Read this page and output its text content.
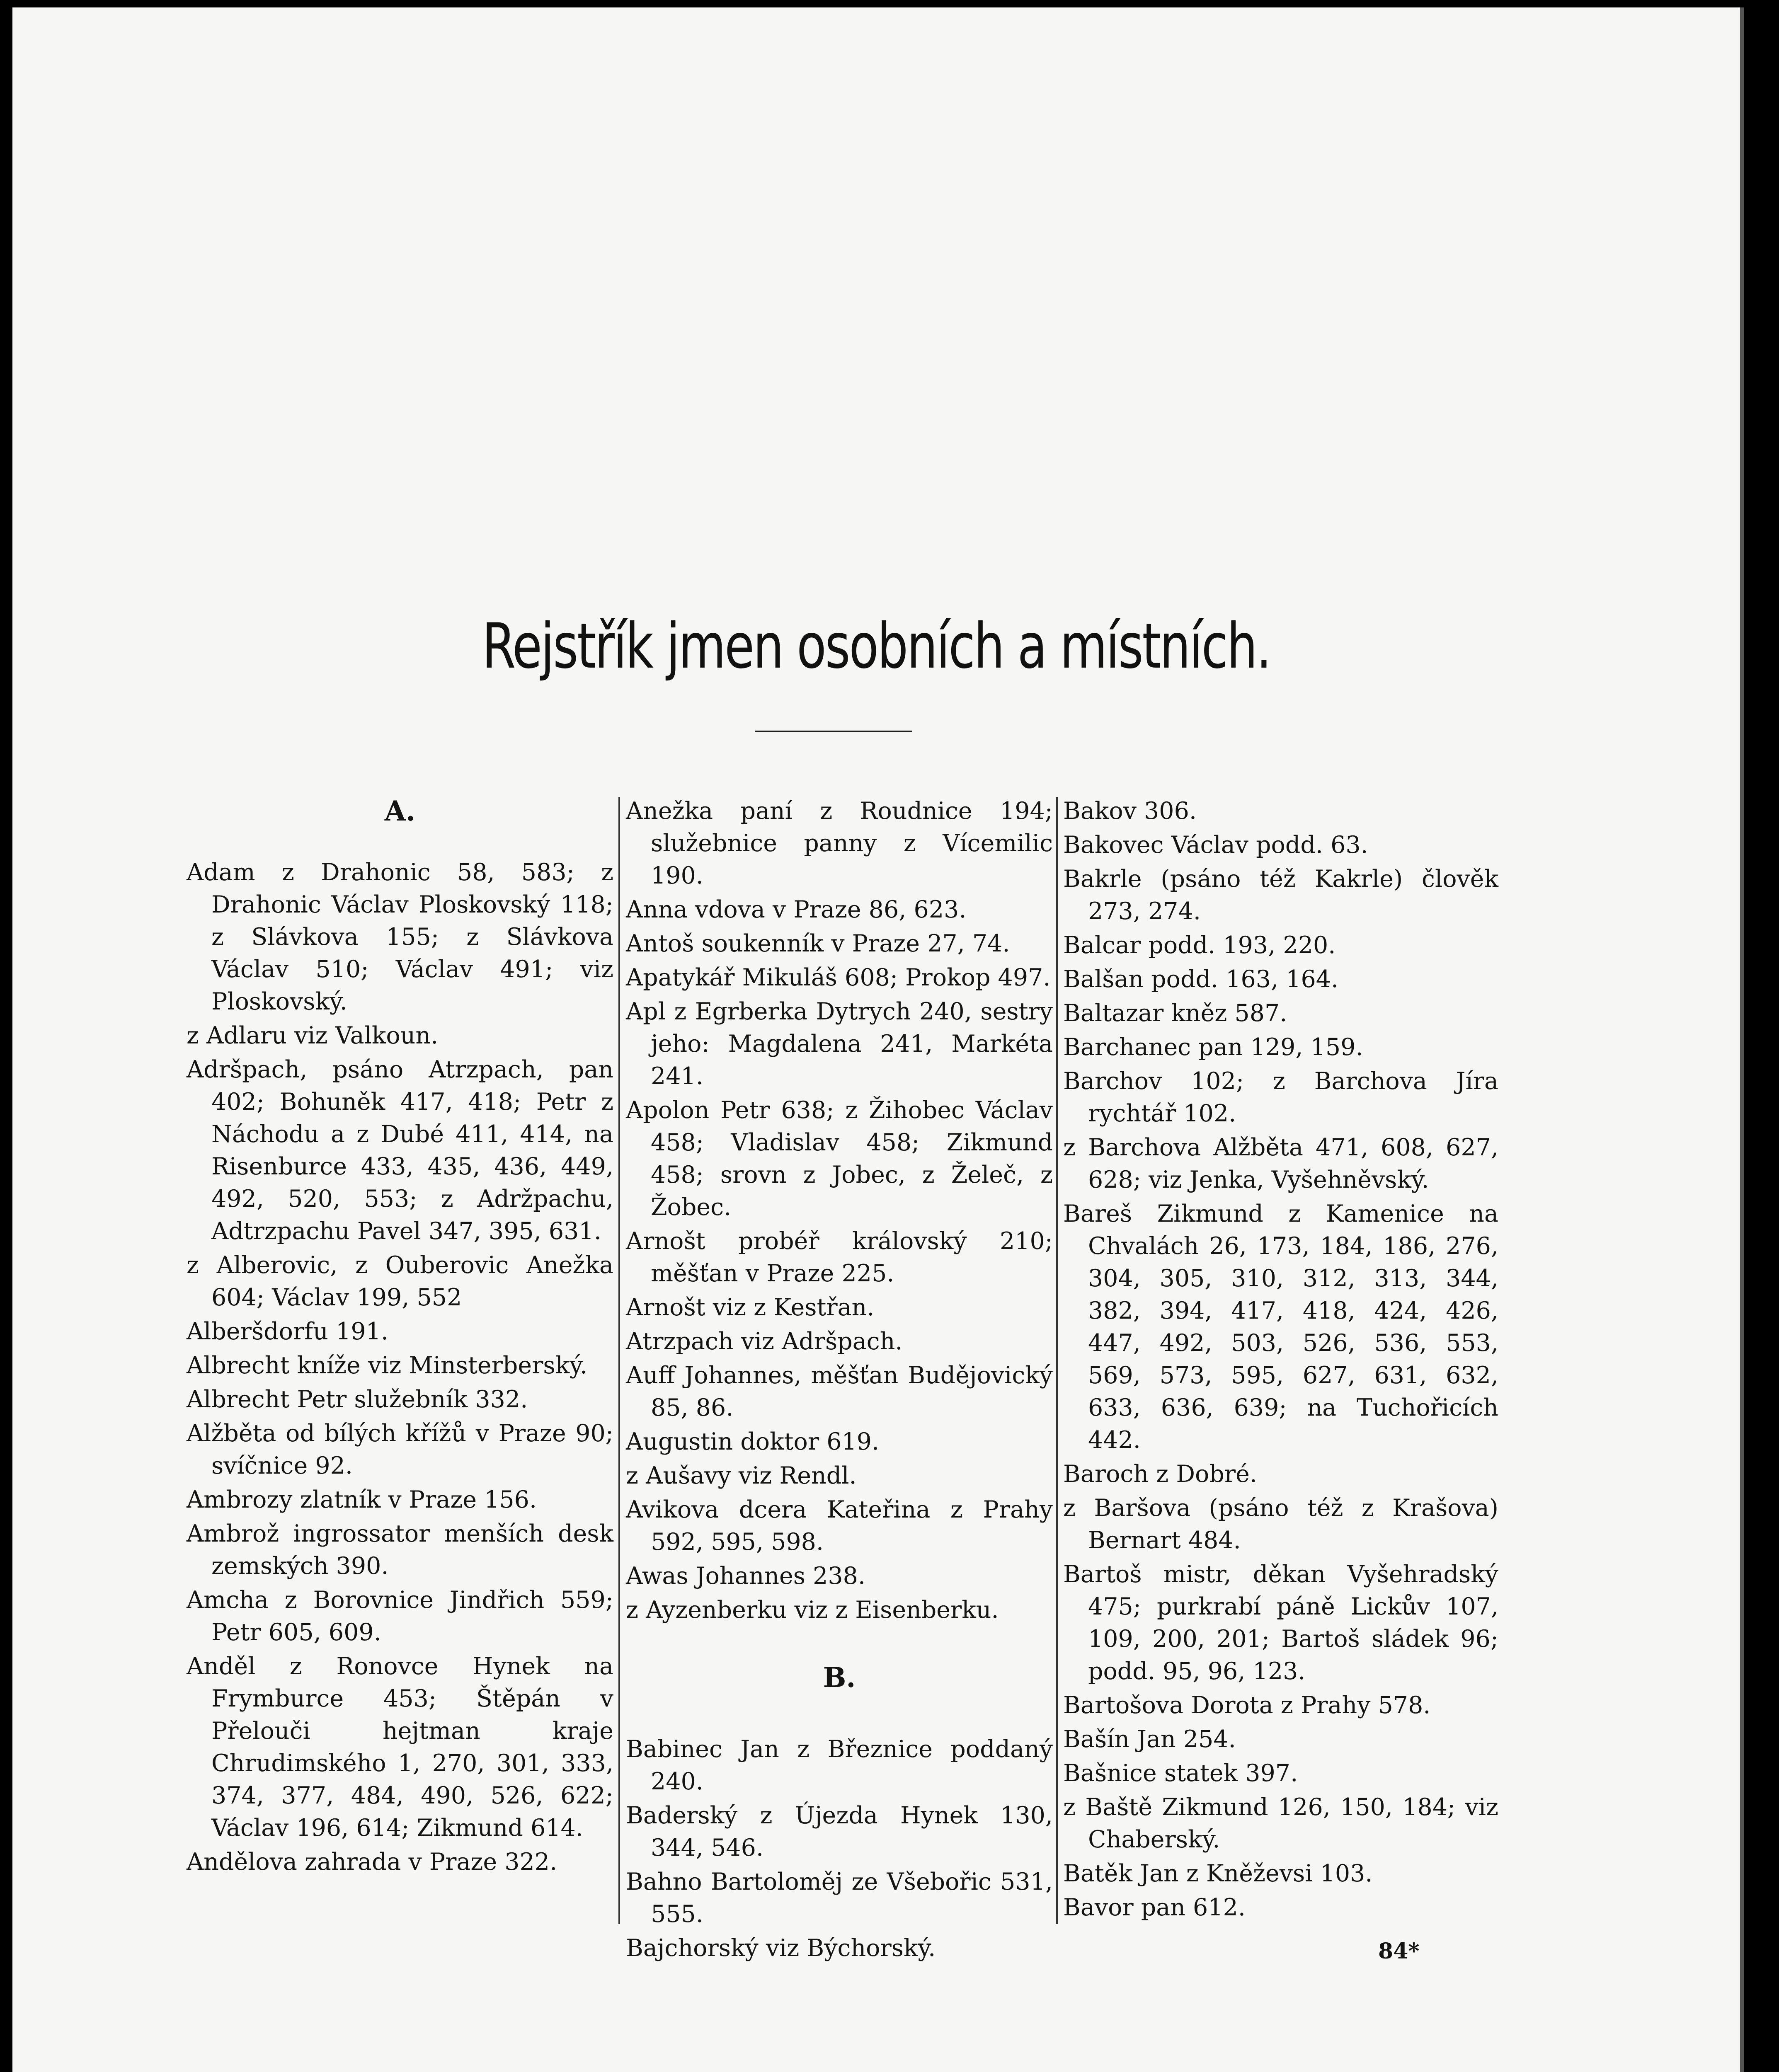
Rejstřík jmen osobních a místních.
A.
Adam z Drahonic 58, 583; z Drahonic Václav Ploskovský 118; z Slávkova 155; z Slávkova Václav 510; Václav 491; viz Ploskovský.
z Adlaru viz Valkoun.
Adršpach, psáno Atrzpach, pan 402; Bohuněk 417, 418; Petr z Náchodu a z Dubé 411, 414, na Risenburce 433, 435, 436, 449, 492, 520, 553; z Adržpachu, Adtrzpachu Pavel 347, 395, 631.
z Alberovic, z Ouberovic Anežka 604; Václav 199, 552
Alberšdorfu 191.
Albrecht kníže viz Minsterberský.
Albrecht Petr služebník 332.
Alžběta od bílých křížů v Praze 90; svíčnice 92.
Ambrozy zlatník v Praze 156.
Ambrož ingrossator menších desk zemských 390.
Amcha z Borovnice Jindřich 559; Petr 605, 609.
Anděl z Ronovce Hynek na Frymburce 453; Štěpán v Přelouči hejtman kraje Chrudimského 1, 270, 301, 333, 374, 377, 484, 490, 526, 622; Václav 196, 614; Zikmund 614.
Andělova zahrada v Praze 322.
Anežka paní z Roudnice 194; služebnice panny z Vícemilic 190.
Anna vdova v Praze 86, 623.
Antoš soukenník v Praze 27, 74.
Apatykář Mikuláš 608; Prokop 497.
Apl z Egrberka Dytrych 240, sestry jeho: Magdalena 241, Markéta 241.
Apolon Petr 638; z Žihobec Václav 458; Vladislav 458; Zikmund 458; srovn z Jobec, z Želeč, z Žobec.
Arnošt probéř královský 210; měšťan v Praze 225.
Arnošt viz z Kestřan.
Atrzpach viz Adršpach.
Auff Johannes, měšťan Budějovický 85, 86.
Augustin doktor 619.
z Aušavy viz Rendl.
Avikova dcera Kateřina z Prahy 592, 595, 598.
Awas Johannes 238.
z Ayzenberku viz z Eisenberku.
B.
Babinec Jan z Březnice poddaný 240.
Baderský z Újezda Hynek 130, 344, 546.
Bahno Bartoloměj ze Všebořic 531, 555.
Bajchorský viz Býchorský.
Bakov 306.
Bakovec Václav podd. 63.
Bakrle (psáno též Kakrle) člověk 273, 274.
Balcar podd. 193, 220.
Balšan podd. 163, 164.
Baltazar kněz 587.
Barchanec pan 129, 159.
Barchov 102; z Barchova Jíra rychtář 102.
z Barchova Alžběta 471, 608, 627, 628; viz Jenka, Vyšehněvský.
Bareš Zikmund z Kamenice na Chvalách 26, 173, 184, 186, 276, 304, 305, 310, 312, 313, 344, 382, 394, 417, 418, 424, 426, 447, 492, 503, 526, 536, 553, 569, 573, 595, 627, 631, 632, 633, 636, 639; na Tuchořicích 442.
Baroch z Dobré.
z Baršova (psáno též z Krašova) Bernart 484.
Bartoš mistr, děkan Vyšehradský 475; purkrabí páně Lickův 107, 109, 200, 201; Bartoš sládek 96; podd. 95, 96, 123.
Bartošova Dorota z Prahy 578.
Bašín Jan 254.
Bašnice statek 397.
z Baště Zikmund 126, 150, 184; viz Chaberský.
Batěk Jan z Kněževsi 103.
Bavor pan 612.
84*
